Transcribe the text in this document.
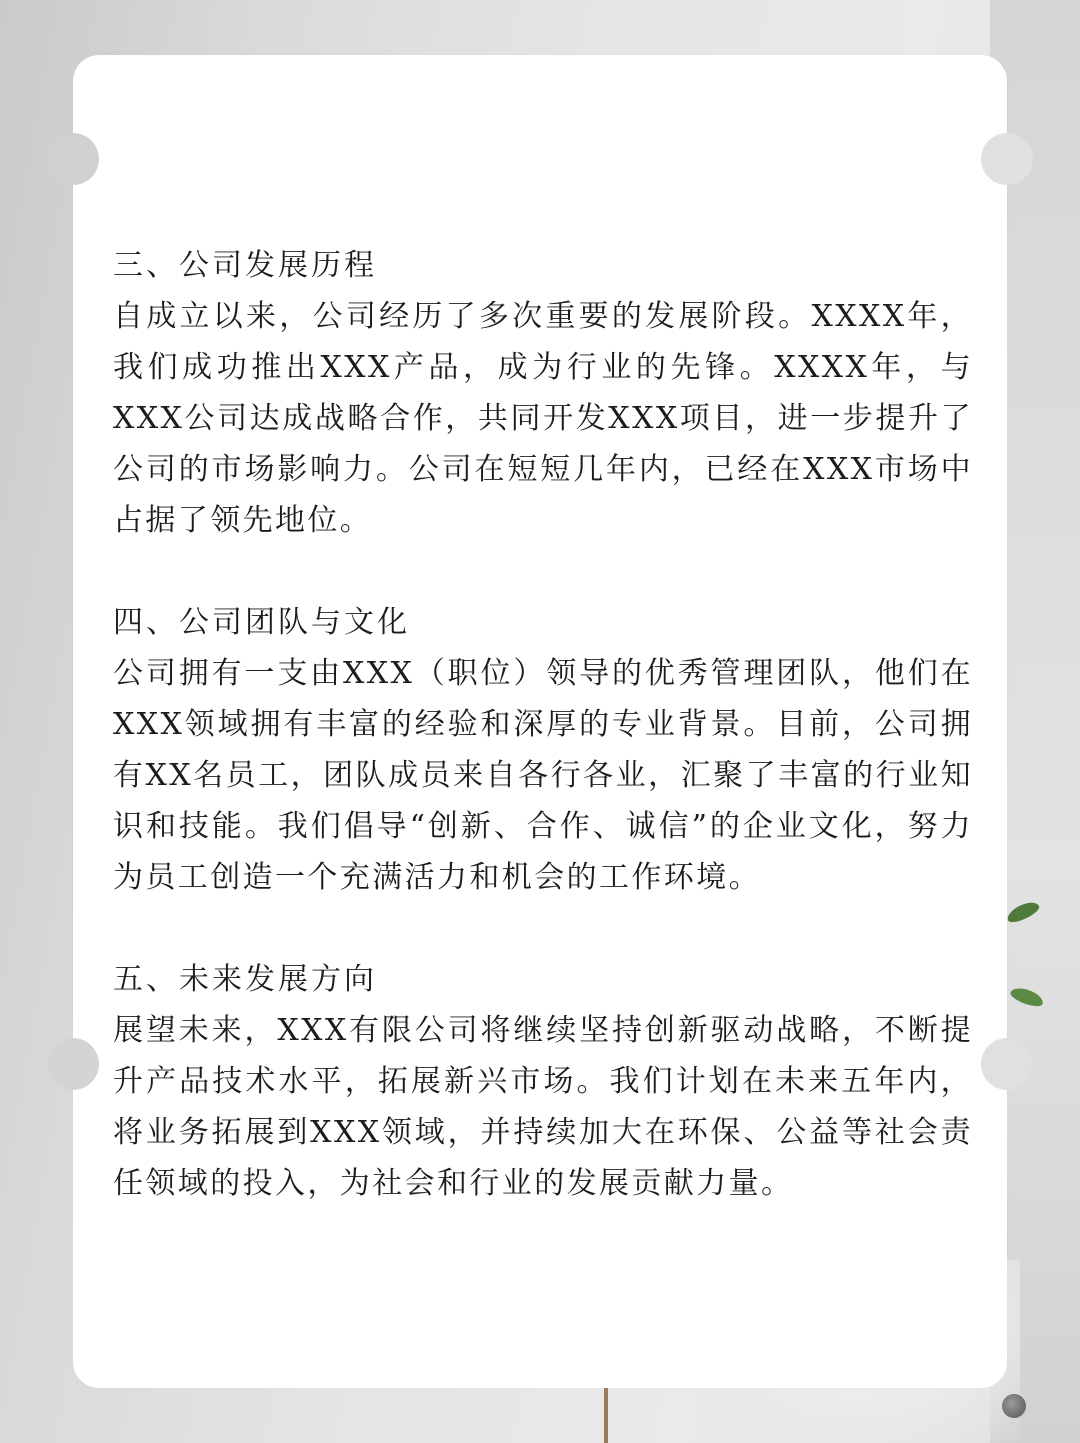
三、公司发展历程

自成立以来，公司经历了多次重要的发展阶段。XXXX年，我们成功推出XXX产品，成为行业的先锋。XXXX年，与XXX公司达成战略合作，共同开发XXX项目，进一步提升了公司的市场影响力。公司在短短几年内，已经在XXX市场中占据了领先地位。

四、公司团队与文化

公司拥有一支由XXX（职位）领导的优秀管理团队，他们在XXX领域拥有丰富的经验和深厚的专业背景。目前，公司拥有XX名员工，团队成员来自各行各业，汇聚了丰富的行业知识和技能。我们倡导“创新、合作、诚信”的企业文化，努力为员工创造一个充满活力和机会的工作环境。

五、未来发展方向

展望未来，XXX有限公司将继续坚持创新驱动战略，不断提升产品技术水平，拓展新兴市场。我们计划在未来五年内，将业务拓展到XXX领域，并持续加大在环保、公益等社会责任领域的投入，为社会和行业的发展贡献力量。
